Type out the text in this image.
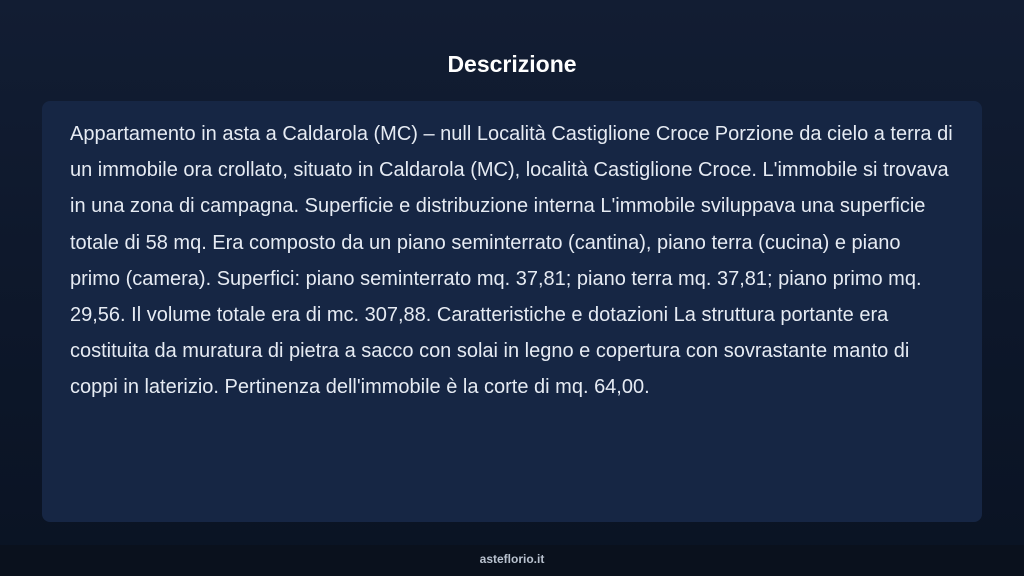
Descrizione

Appartamento in asta a Caldarola (MC) – null Località Castiglione Croce Porzione da cielo a terra di un immobile ora crollato, situato in Caldarola (MC), località Castiglione Croce. L'immobile si trovava in una zona di campagna. Superficie e distribuzione interna L'immobile sviluppava una superficie totale di 58 mq. Era composto da un piano seminterrato (cantina), piano terra (cucina) e piano primo (camera). Superfici: piano seminterrato mq. 37,81; piano terra mq. 37,81; piano primo mq. 29,56. Il volume totale era di mc. 307,88. Caratteristiche e dotazioni La struttura portante era costituita da muratura di pietra a sacco con solai in legno e copertura con sovrastante manto di coppi in laterizio. Pertinenza dell'immobile è la corte di mq. 64,00.

asteflorio.it
